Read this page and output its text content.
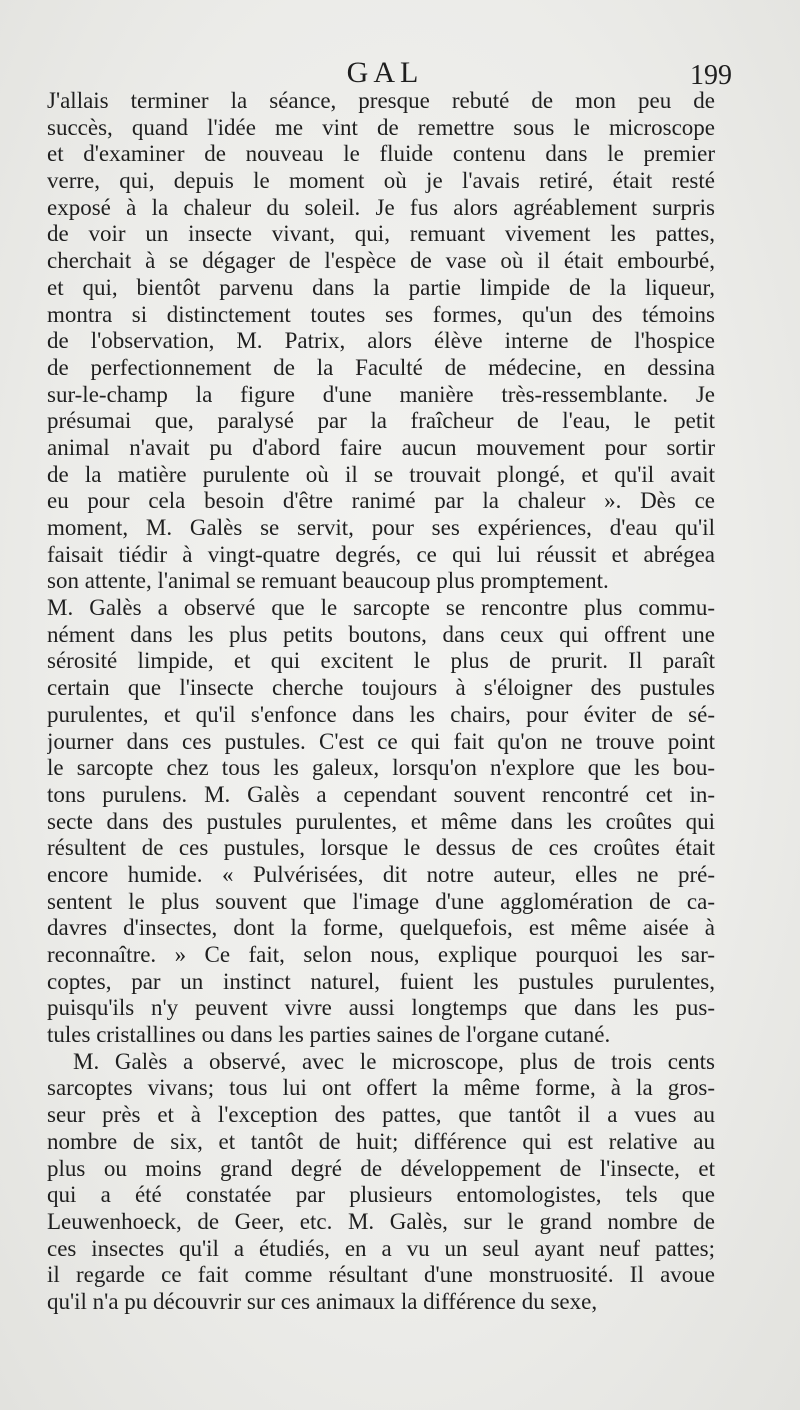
GAL	199
J'allais terminer la séance, presque rebuté de mon peu de
succès, quand l'idée me vint de remettre sous le microscope
et d'examiner de nouveau le fluide contenu dans le premier
verre, qui, depuis le moment où je l'avais retiré, était resté
exposé à la chaleur du soleil. Je fus alors agréablement surpris
de voir un insecte vivant, qui, remuant vivement les pattes,
cherchait à se dégager de l'espèce de vase où il était embourbé,
et qui, bientôt parvenu dans la partie limpide de la liqueur,
montra si distinctement toutes ses formes, qu'un des témoins
de l'observation, M. Patrix, alors élève interne de l'hospice
de perfectionnement de la Faculté de médecine, en dessina
sur-le-champ la figure d'une manière très-ressemblante. Je
présumai que, paralysé par la fraîcheur de l'eau, le petit
animal n'avait pu d'abord faire aucun mouvement pour sortir
de la matière purulente où il se trouvait plongé, et qu'il avait
eu pour cela besoin d'être ranimé par la chaleur ». Dès ce
moment, M. Galès se servit, pour ses expériences, d'eau qu'il
faisait tiédir à vingt-quatre degrés, ce qui lui réussit et abrégea
son attente, l'animal se remuant beaucoup plus promptement.
M. Galès a observé que le sarcopte se rencontre plus commu-
nément dans les plus petits boutons, dans ceux qui offrent une
sérosité limpide, et qui excitent le plus de prurit. Il paraît
certain que l'insecte cherche toujours à s'éloigner des pustules
purulentes, et qu'il s'enfonce dans les chairs, pour éviter de sé-
journer dans ces pustules. C'est ce qui fait qu'on ne trouve point
le sarcopte chez tous les galeux, lorsqu'on n'explore que les bou-
tons purulens. M. Galès a cependant souvent rencontré cet in-
secte dans des pustules purulentes, et même dans les croûtes qui
résultent de ces pustules, lorsque le dessus de ces croûtes était
encore humide. « Pulvérisées, dit notre auteur, elles ne pré-
sentent le plus souvent que l'image d'une agglomération de ca-
davres d'insectes, dont la forme, quelquefois, est même aisée à
reconnaître. » Ce fait, selon nous, explique pourquoi les sar-
coptes, par un instinct naturel, fuient les pustules purulentes,
puisqu'ils n'y peuvent vivre aussi longtemps que dans les pus-
tules cristallines ou dans les parties saines de l'organe cutané.
M. Galès a observé, avec le microscope, plus de trois cents
sarcoptes vivans; tous lui ont offert la même forme, à la gros-
seur près et à l'exception des pattes, que tantôt il a vues au
nombre de six, et tantôt de huit; différence qui est relative au
plus ou moins grand degré de développement de l'insecte, et
qui a été constatée par plusieurs entomologistes, tels que
Leuwenhoeck, de Geer, etc. M. Galès, sur le grand nombre de
ces insectes qu'il a étudiés, en a vu un seul ayant neuf pattes;
il regarde ce fait comme résultant d'une monstruosité. Il avoue
qu'il n'a pu découvrir sur ces animaux la différence du sexe,
